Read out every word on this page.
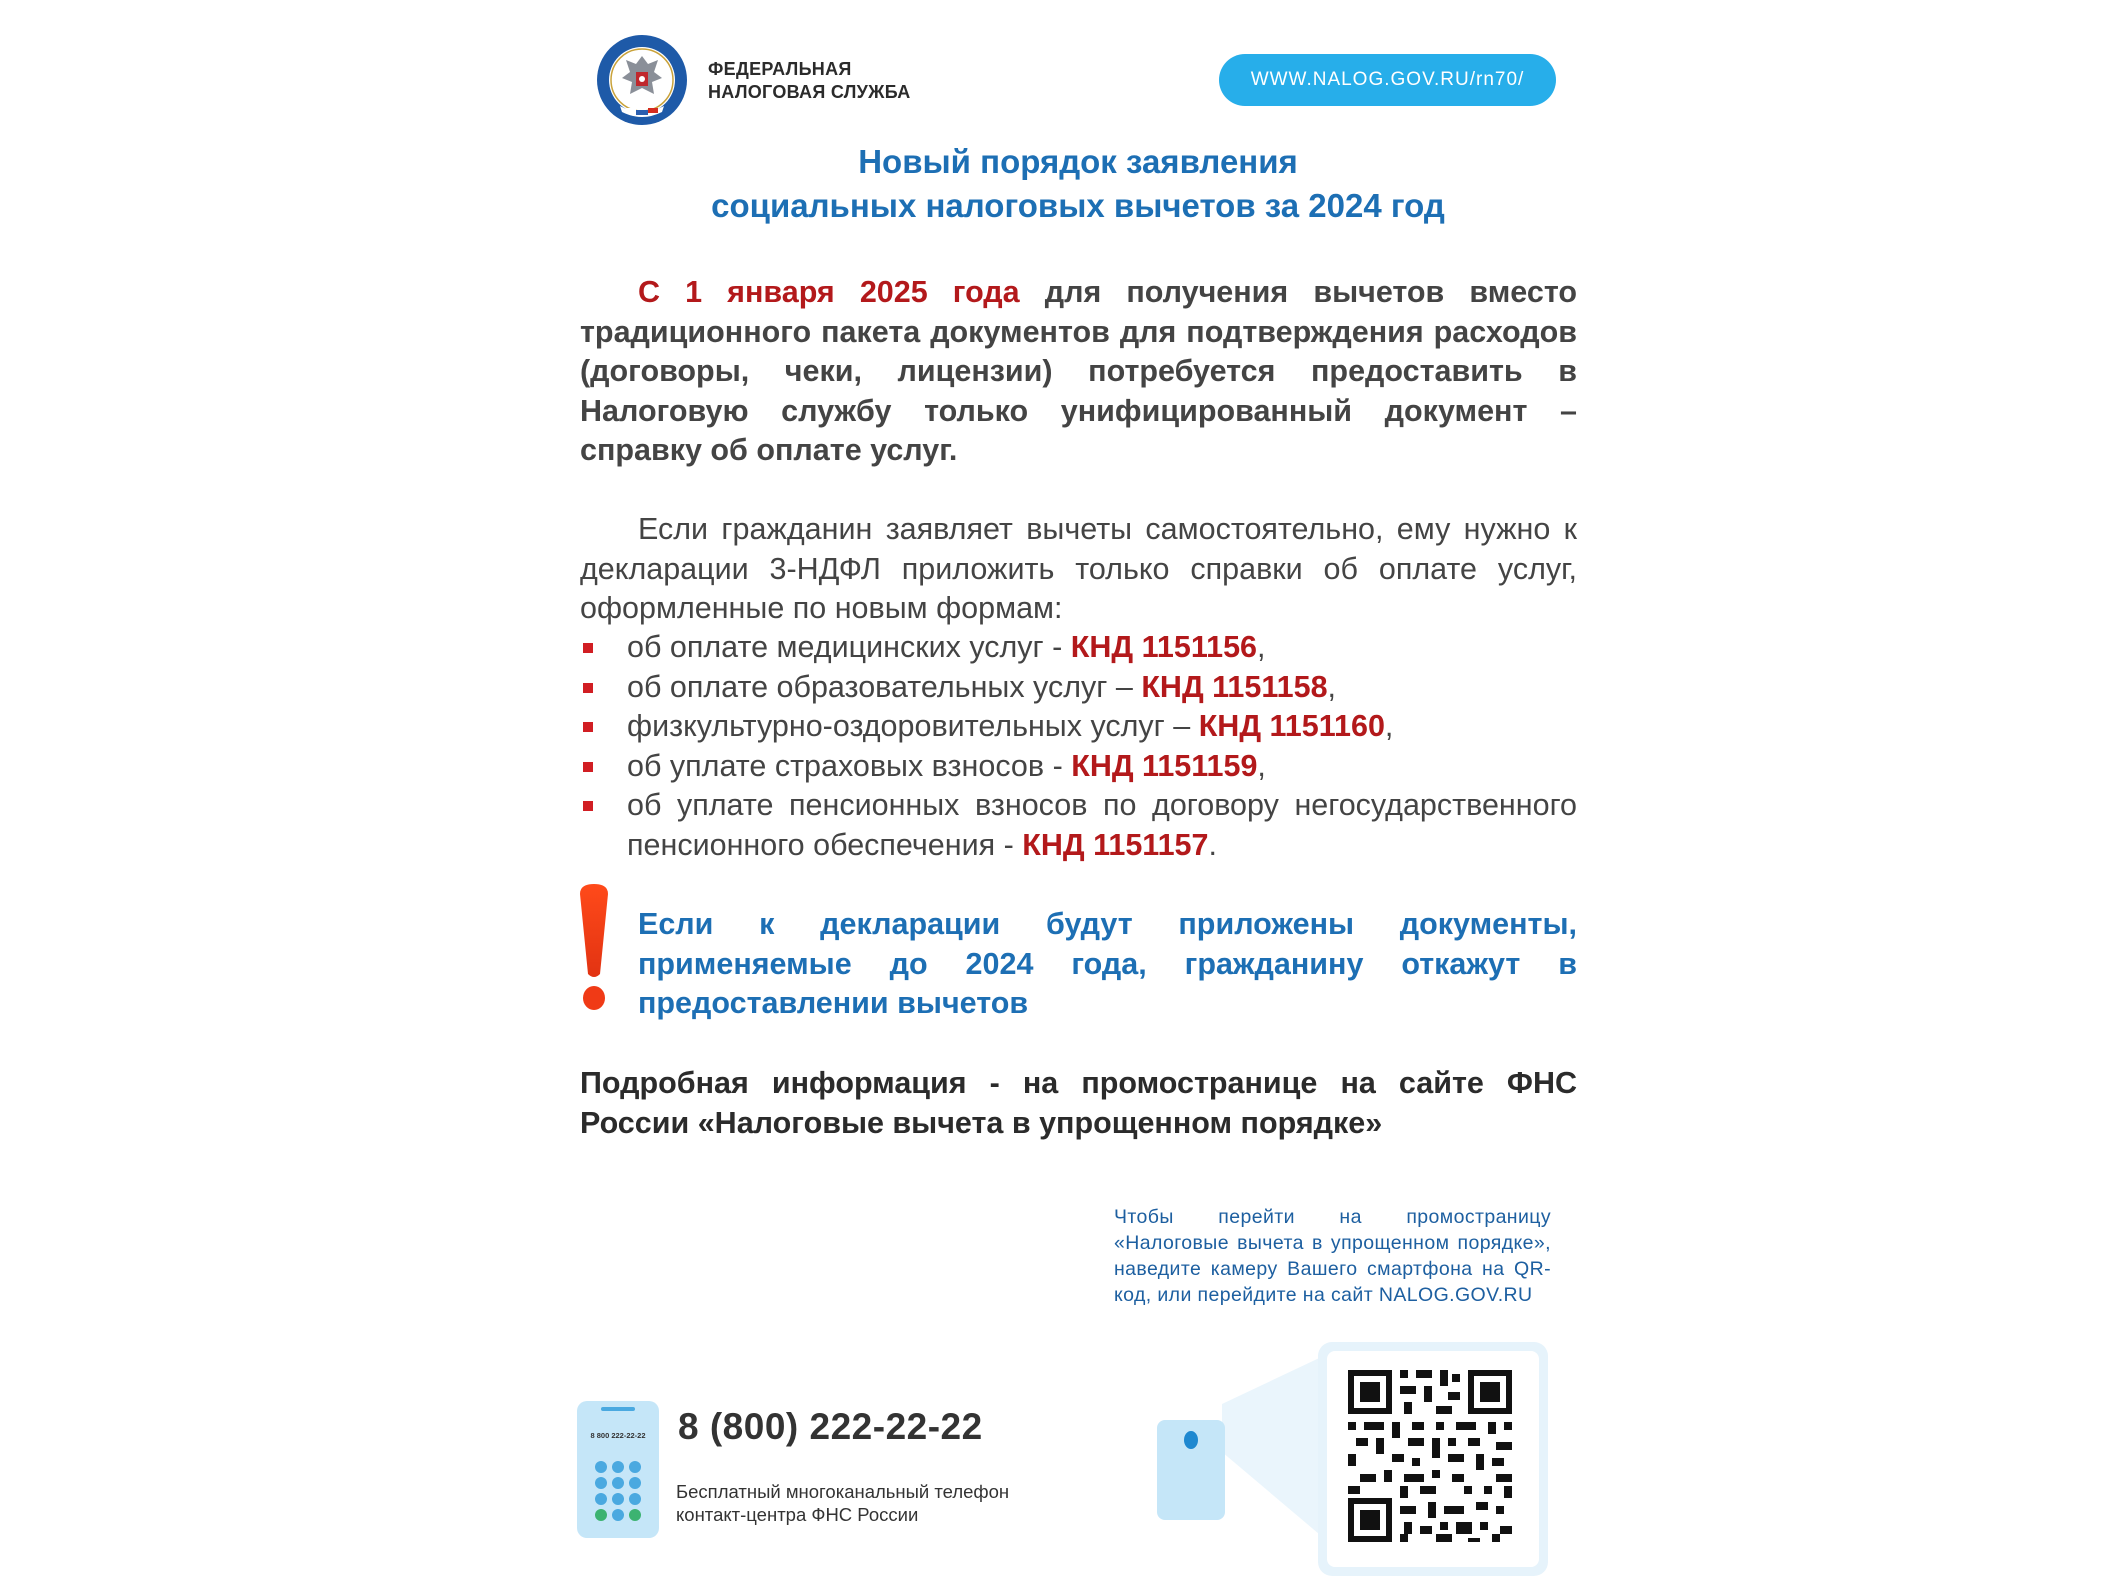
ФЕДЕРАЛЬНАЯ
НАЛОГОВАЯ СЛУЖБА
WWW.NALOG.GOV.RU/rn70/
Новый порядок заявления
социальных налоговых вычетов за 2024 год
С 1 января 2025 года для получения вычетов вместо традиционного пакета документов для подтверждения расходов (договоры, чеки, лицензии) потребуется предоставить в Налоговую службу только унифицированный документ – справку об оплате услуг.
Если гражданин заявляет вычеты самостоятельно, ему нужно к декларации 3-НДФЛ приложить только справки об оплате услуг, оформленные по новым формам:
об оплате медицинских услуг - КНД 1151156,
об оплате образовательных услуг – КНД 1151158,
физкультурно-оздоровительных услуг – КНД 1151160,
об уплате страховых взносов - КНД 1151159,
об уплате пенсионных взносов по договору негосударственного пенсионного обеспечения - КНД 1151157.
Если к декларации будут приложены документы, применяемые до 2024 года, гражданину откажут в предоставлении вычетов
Подробная информация - на промостранице на сайте ФНС России «Налоговые вычета в упрощенном порядке»
Чтобы перейти на промостраницу «Налоговые вычета в упрощенном порядке», наведите камеру Вашего смартфона на QR-код, или перейдите на сайт NALOG.GOV.RU
8 800 222-22-22 8 (800) 222-22-22
Бесплатный многоканальный телефон
контакт-центра ФНС России
